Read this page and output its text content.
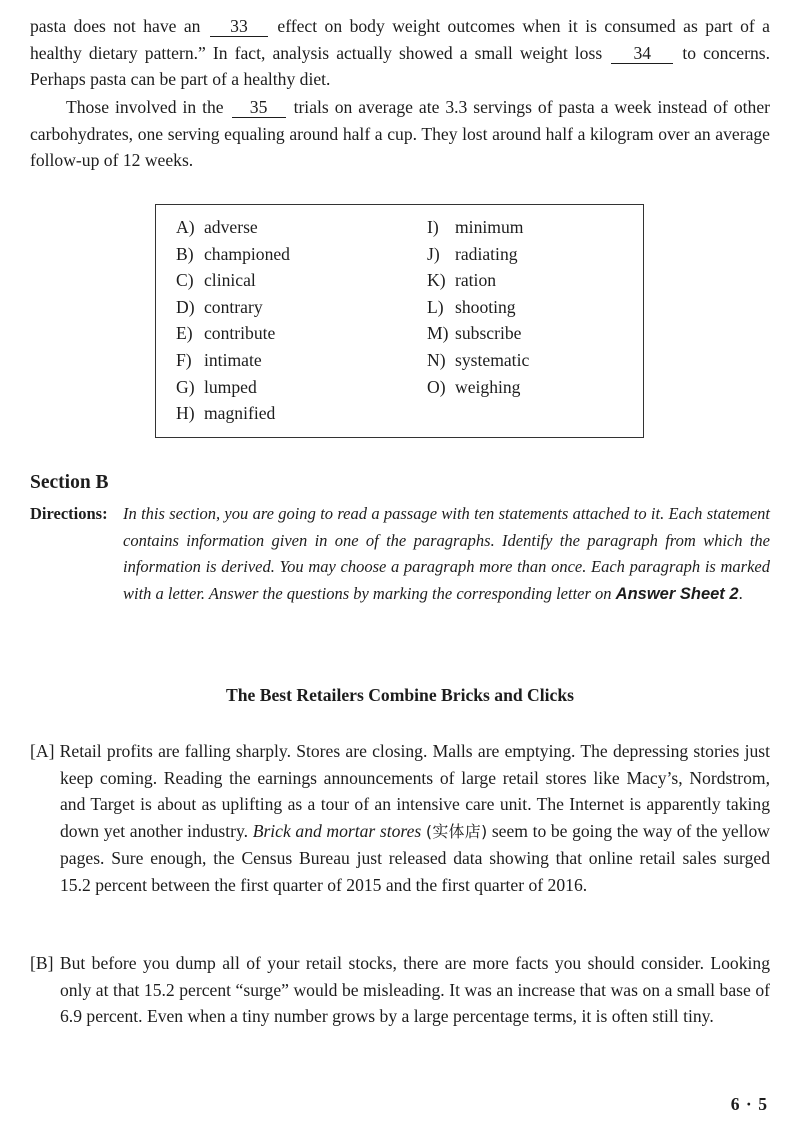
pasta does not have an 33 effect on body weight outcomes when it is consumed as part of a healthy dietary pattern.” In fact, analysis actually showed a small weight loss 34 to concerns. Perhaps pasta can be part of a healthy diet.

Those involved in the 35 trials on average ate 3.3 servings of pasta a week instead of other carbohydrates, one serving equaling around half a cup. They lost around half a kilogram over an average follow-up of 12 weeks.

A) adverse
B) championed
C) clinical
D) contrary
E) contribute
F) intimate
G) lumped
H) magnified
I) minimum
J) radiating
K) ration
L) shooting
M) subscribe
N) systematic
O) weighing
Section B
Directions: In this section, you are going to read a passage with ten statements attached to it. Each statement contains information given in one of the paragraphs. Identify the paragraph from which the information is derived. You may choose a paragraph more than once. Each paragraph is marked with a letter. Answer the questions by marking the corresponding letter on Answer Sheet 2.

The Best Retailers Combine Bricks and Clicks

[A] Retail profits are falling sharply. Stores are closing. Malls are emptying. The depressing stories just keep coming. Reading the earnings announcements of large retail stores like Macy’s, Nordstrom, and Target is about as uplifting as a tour of an intensive care unit. The Internet is apparently taking down yet another industry. Brick and mortar stores (实体店) seem to be going the way of the yellow pages. Sure enough, the Census Bureau just released data showing that online retail sales surged 15.2 percent between the first quarter of 2015 and the first quarter of 2016.

[B] But before you dump all of your retail stocks, there are more facts you should consider. Looking only at that 15.2 percent “surge” would be misleading. It was an increase that was on a small base of 6.9 percent. Even when a tiny number grows by a large percentage terms, it is often still tiny.

6 · 5
